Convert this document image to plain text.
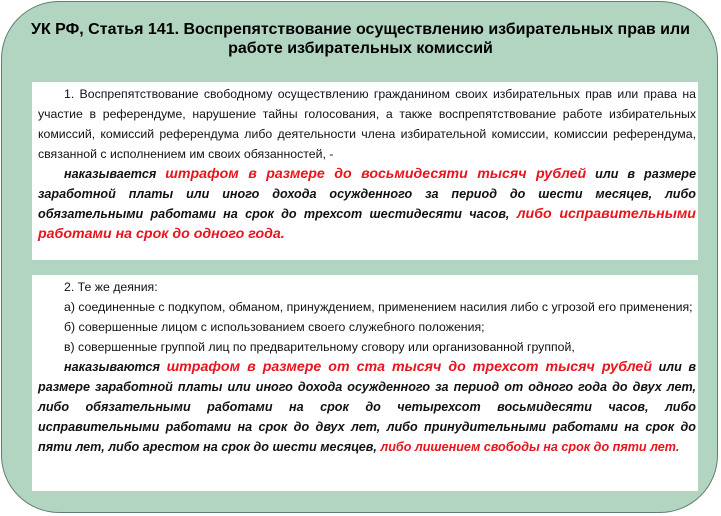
УК РФ, Статья 141. Воспрепятствование осуществлению избирательных прав или работе избирательных комиссий

1. Воспрепятствование свободному осуществлению гражданином своих избирательных прав или права на участие в референдуме, нарушение тайны голосования, а также воспрепятствование работе избирательных комиссий, комиссий референдума либо деятельности члена избирательной комиссии, комиссии референдума, связанной с исполнением им своих обязанностей, -

наказывается штрафом в размере до восьмидесяти тысяч рублей или в размере заработной платы или иного дохода осужденного за период до шести месяцев, либо обязательными работами на срок до трехсот шестидесяти часов, либо исправительными работами на срок до одного года.

2. Те же деяния:

а) соединенные с подкупом, обманом, принуждением, применением насилия либо с угрозой его применения;

б) совершенные лицом с использованием своего служебного положения;

в) совершенные группой лиц по предварительному сговору или организованной группой,

наказываются штрафом в размере от ста тысяч до трехсот тысяч рублей или в размере заработной платы или иного дохода осужденного за период от одного года до двух лет, либо обязательными работами на срок до четырехсот восьмидесяти часов, либо исправительными работами на срок до двух лет, либо принудительными работами на срок до пяти лет, либо арестом на срок до шести месяцев, либо лишением свободы на срок до пяти лет.
